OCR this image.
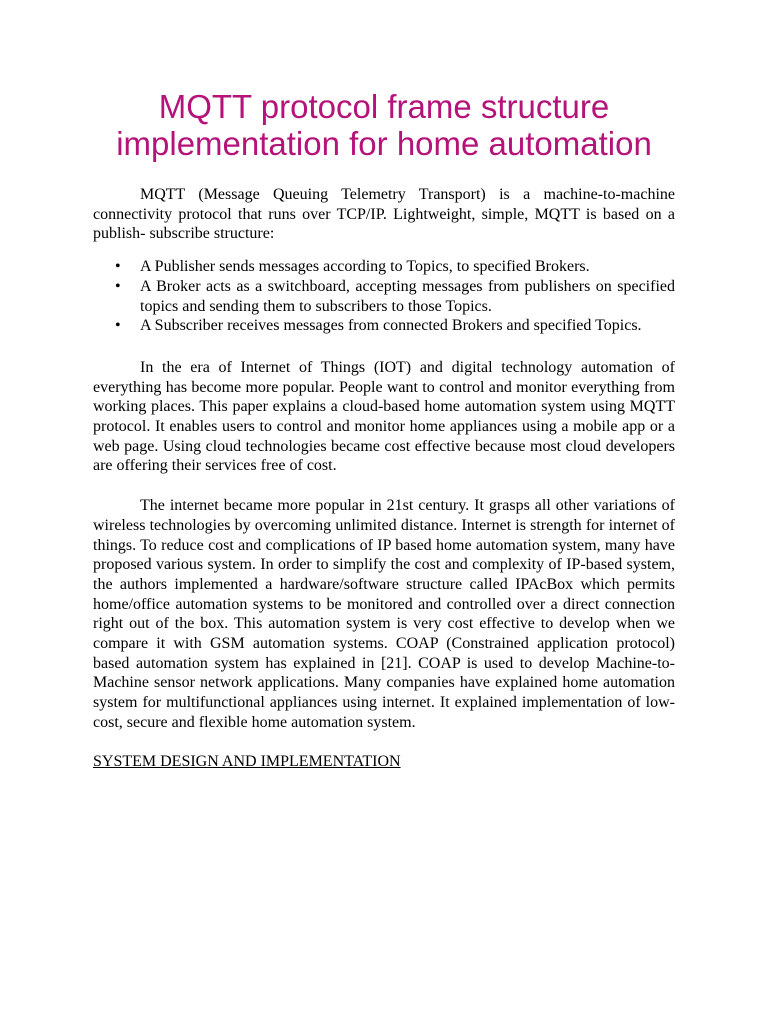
MQTT protocol frame structure implementation for home automation

MQTT (Message Queuing Telemetry Transport) is a machine-to-machine connectivity protocol that runs over TCP/IP. Lightweight, simple, MQTT is based on a publish- subscribe structure:

• A Publisher sends messages according to Topics, to specified Brokers.
• A Broker acts as a switchboard, accepting messages from publishers on specified topics and sending them to subscribers to those Topics.
• A Subscriber receives messages from connected Brokers and specified Topics.

In the era of Internet of Things (IOT) and digital technology automation of everything has become more popular. People want to control and monitor everything from working places. This paper explains a cloud-based home automation system using MQTT protocol. It enables users to control and monitor home appliances using a mobile app or a web page. Using cloud technologies became cost effective because most cloud developers are offering their services free of cost.

The internet became more popular in 21st century. It grasps all other variations of wireless technologies by overcoming unlimited distance. Internet is strength for internet of things. To reduce cost and complications of IP based home automation system, many have proposed various system. In order to simplify the cost and complexity of IP-based system, the authors implemented a hardware/software structure called IPAcBox which permits home/office automation systems to be monitored and controlled over a direct connection right out of the box. This automation system is very cost effective to develop when we compare it with GSM automation systems. COAP (Constrained application protocol) based automation system has explained in [21]. COAP is used to develop Machine-to-Machine sensor network applications. Many companies have explained home automation system for multifunctional appliances using internet. It explained implementation of low-cost, secure and flexible home automation system.

SYSTEM DESIGN AND IMPLEMENTATION
